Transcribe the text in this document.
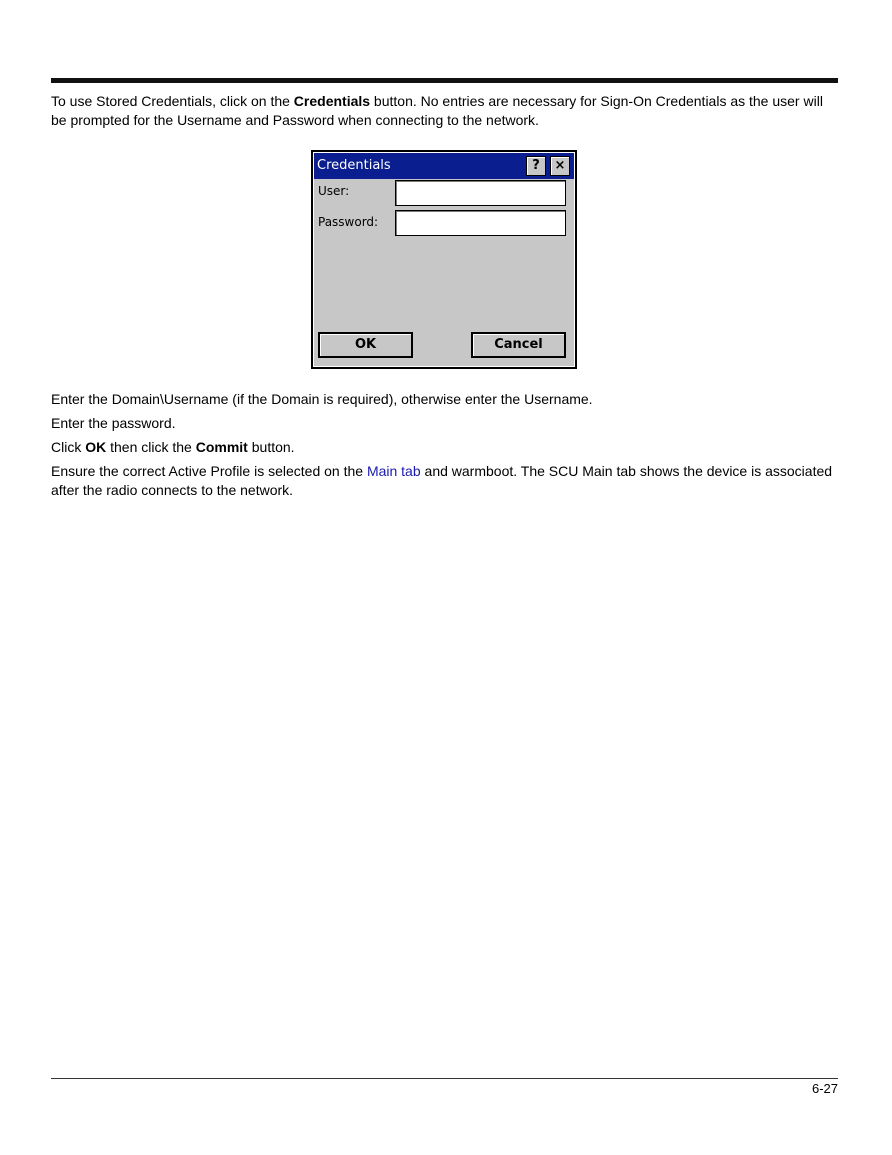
To use Stored Credentials, click on the Credentials button. No entries are necessary for Sign-On Credentials as the user will be prompted for the Username and Password when connecting to the network.

Credentials	?	×
User:
Password:
OK	Cancel

Enter the Domain\Username (if the Domain is required), otherwise enter the Username.

Enter the password.

Click OK then click the Commit button.

Ensure the correct Active Profile is selected on the Main tab and warmboot. The SCU Main tab shows the device is associated after the radio connects to the network.

6-27
